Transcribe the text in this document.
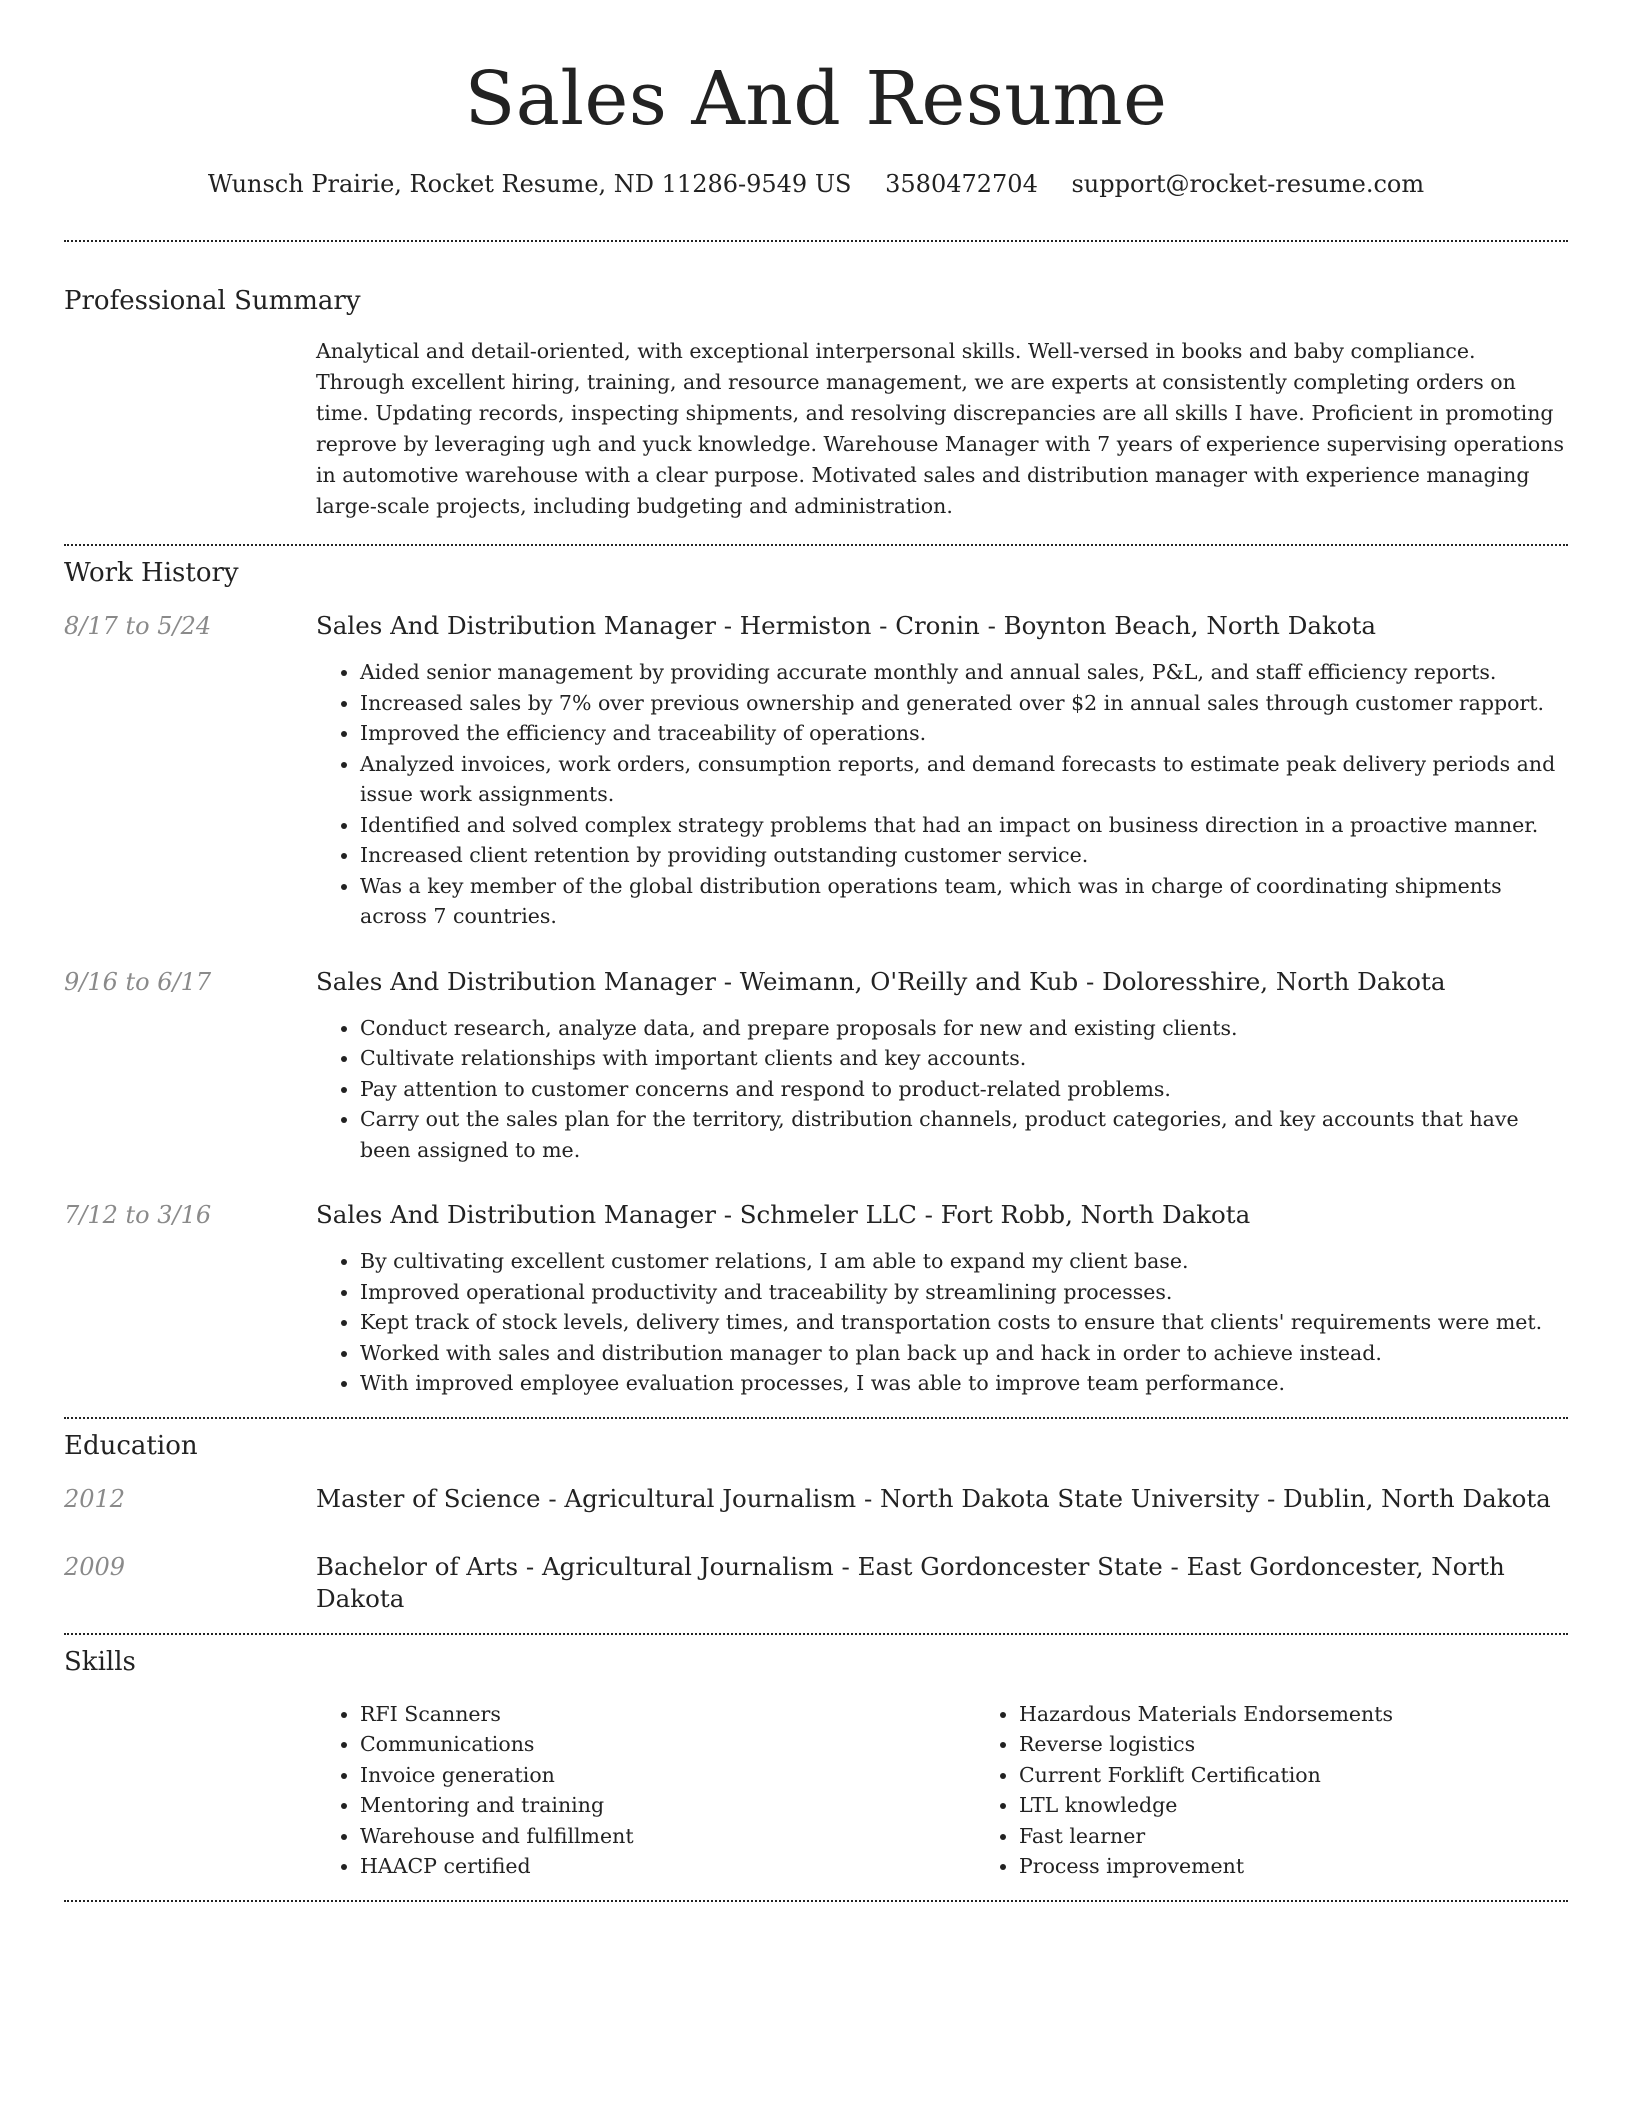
Sales And Resume
Wunsch Prairie, Rocket Resume, ND 11286-9549 US 3580472704 support@rocket-resume.com
Professional Summary

Analytical and detail-oriented, with exceptional interpersonal skills. Well-versed in books and baby compliance. Through excellent hiring, training, and resource management, we are experts at consistently completing orders on time. Updating records, inspecting shipments, and resolving discrepancies are all skills I have. Proficient in promoting reprove by leveraging ugh and yuck knowledge. Warehouse Manager with 7 years of experience supervising operations in automotive warehouse with a clear purpose. Motivated sales and distribution manager with experience managing large-scale projects, including budgeting and administration.

Work History
8/17 to 5/24	Sales And Distribution Manager - Hermiston - Cronin - Boynton Beach, North Dakota
• Aided senior management by providing accurate monthly and annual sales, P&L, and staff efficiency reports.
• Increased sales by 7% over previous ownership and generated over $2 in annual sales through customer rapport.
• Improved the efficiency and traceability of operations.
• Analyzed invoices, work orders, consumption reports, and demand forecasts to estimate peak delivery periods and issue work assignments.
• Identified and solved complex strategy problems that had an impact on business direction in a proactive manner.
• Increased client retention by providing outstanding customer service.
• Was a key member of the global distribution operations team, which was in charge of coordinating shipments across 7 countries.
9/16 to 6/17	Sales And Distribution Manager - Weimann, O'Reilly and Kub - Doloresshire, North Dakota
• Conduct research, analyze data, and prepare proposals for new and existing clients.
• Cultivate relationships with important clients and key accounts.
• Pay attention to customer concerns and respond to product-related problems.
• Carry out the sales plan for the territory, distribution channels, product categories, and key accounts that have been assigned to me.
7/12 to 3/16	Sales And Distribution Manager - Schmeler LLC - Fort Robb, North Dakota
• By cultivating excellent customer relations, I am able to expand my client base.
• Improved operational productivity and traceability by streamlining processes.
• Kept track of stock levels, delivery times, and transportation costs to ensure that clients' requirements were met.
• Worked with sales and distribution manager to plan back up and hack in order to achieve instead.
• With improved employee evaluation processes, I was able to improve team performance.
Education
2012	Master of Science - Agricultural Journalism - North Dakota State University - Dublin, North Dakota
2009	Bachelor of Arts - Agricultural Journalism - East Gordoncester State - East Gordoncester, North Dakota
Skills
• RFI Scanners
• Communications
• Invoice generation
• Mentoring and training
• Warehouse and fulfillment
• HAACP certified
• Hazardous Materials Endorsements
• Reverse logistics
• Current Forklift Certification
• LTL knowledge
• Fast learner
• Process improvement
